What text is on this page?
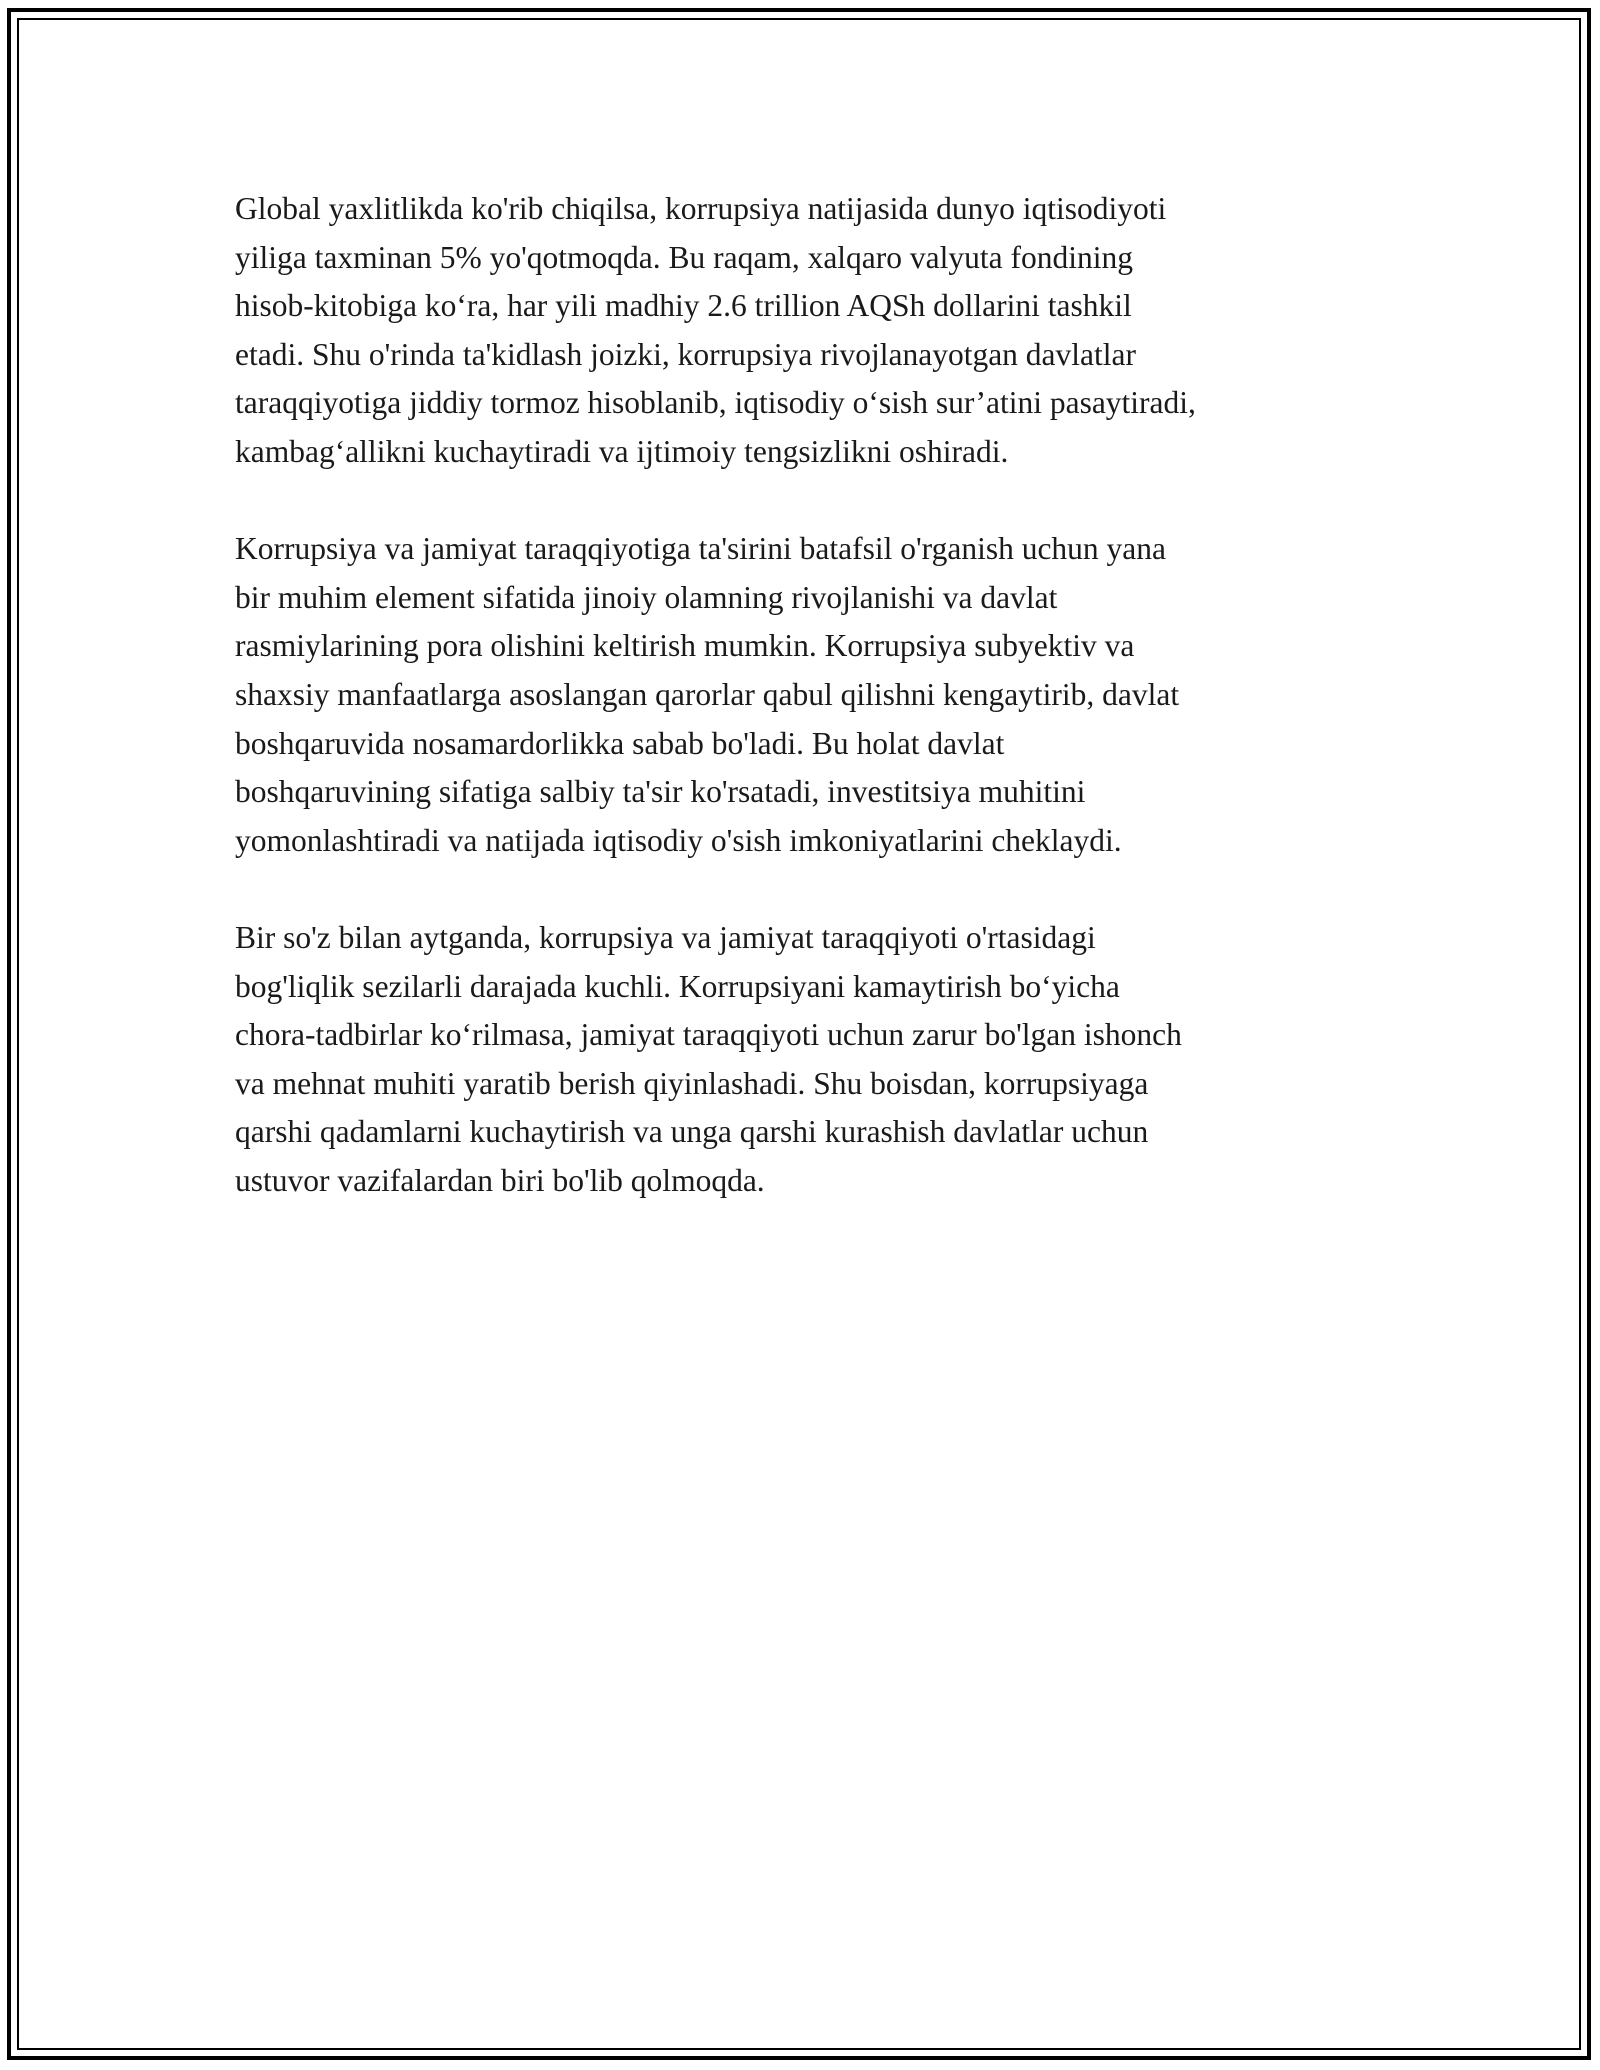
Global yaxlitlikda ko'rib chiqilsa, korrupsiya natijasida dunyo iqtisodiyoti
yiliga taxminan 5% yo'qotmoqda. Bu raqam, xalqaro valyuta fondining
hisob-kitobiga ko‘ra, har yili madhiy 2.6 trillion AQSh dollarini tashkil
etadi. Shu o'rinda ta'kidlash joizki, korrupsiya rivojlanayotgan davlatlar
taraqqiyotiga jiddiy tormoz hisoblanib, iqtisodiy o‘sish sur’atini pasaytiradi,
kambag‘allikni kuchaytiradi va ijtimoiy tengsizlikni oshiradi.

Korrupsiya va jamiyat taraqqiyotiga ta'sirini batafsil o'rganish uchun yana
bir muhim element sifatida jinoiy olamning rivojlanishi va davlat
rasmiylarining pora olishini keltirish mumkin. Korrupsiya subyektiv va
shaxsiy manfaatlarga asoslangan qarorlar qabul qilishni kengaytirib, davlat
boshqaruvida nosamardorlikka sabab bo'ladi. Bu holat davlat
boshqaruvining sifatiga salbiy ta'sir ko'rsatadi, investitsiya muhitini
yomonlashtiradi va natijada iqtisodiy o'sish imkoniyatlarini cheklaydi.

Bir so'z bilan aytganda, korrupsiya va jamiyat taraqqiyoti o'rtasidagi
bog'liqlik sezilarli darajada kuchli. Korrupsiyani kamaytirish bo‘yicha
chora-tadbirlar ko‘rilmasa, jamiyat taraqqiyoti uchun zarur bo'lgan ishonch
va mehnat muhiti yaratib berish qiyinlashadi. Shu boisdan, korrupsiyaga
qarshi qadamlarni kuchaytirish va unga qarshi kurashish davlatlar uchun
ustuvor vazifalardan biri bo'lib qolmoqda.
